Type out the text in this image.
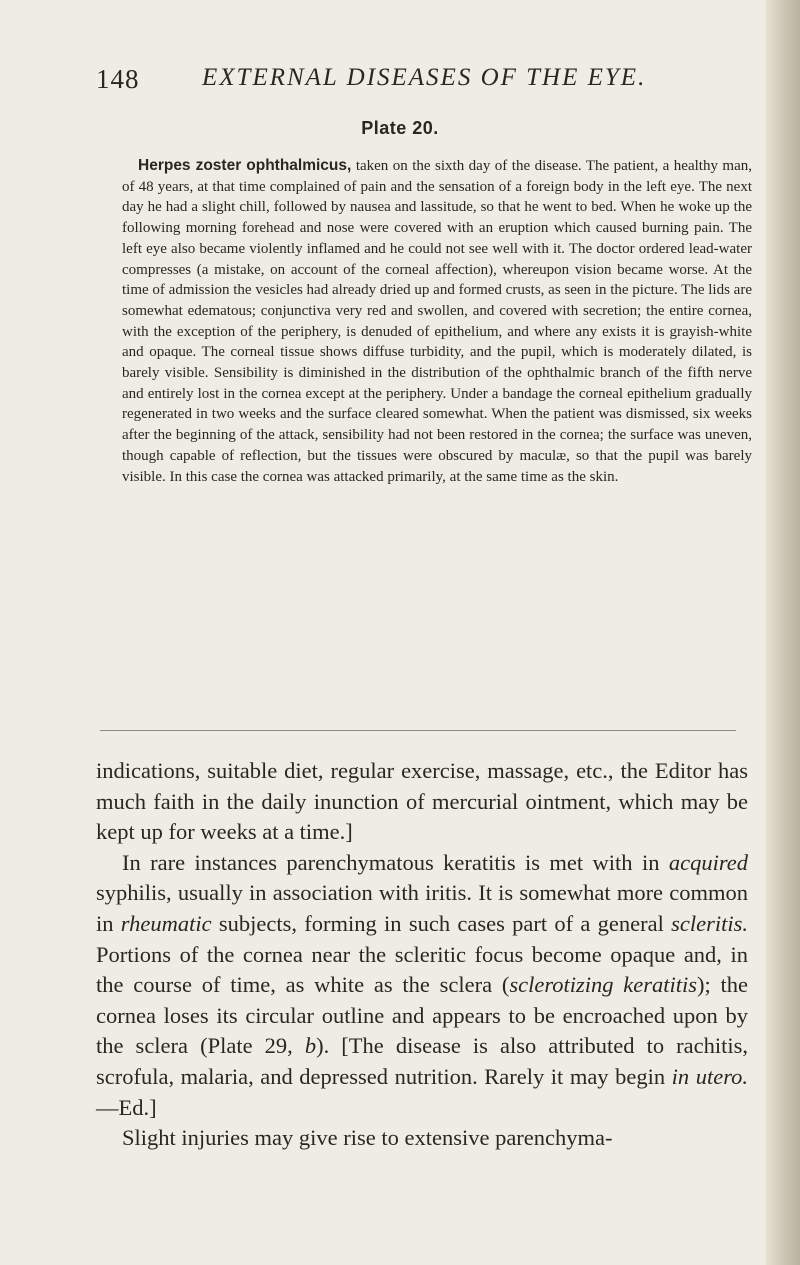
148	EXTERNAL DISEASES OF THE EYE.
Plate 20.

Herpes zoster ophthalmicus, taken on the sixth day of the disease. The patient, a healthy man, of 48 years, at that time complained of pain and the sensation of a foreign body in the left eye. The next day he had a slight chill, followed by nausea and lassitude, so that he went to bed. When he woke up the following morning forehead and nose were covered with an eruption which caused burning pain. The left eye also became violently inflamed and he could not see well with it. The doctor ordered lead-water compresses (a mistake, on account of the corneal affection), whereupon vision became worse. At the time of admission the vesicles had already dried up and formed crusts, as seen in the picture. The lids are somewhat edematous; conjunctiva very red and swollen, and covered with secretion; the entire cornea, with the exception of the periphery, is denuded of epithelium, and where any exists it is grayish-white and opaque. The corneal tissue shows diffuse turbidity, and the pupil, which is moderately dilated, is barely visible. Sensibility is diminished in the distribution of the ophthalmic branch of the fifth nerve and entirely lost in the cornea except at the periphery. Under a bandage the corneal epithelium gradually regenerated in two weeks and the surface cleared somewhat. When the patient was dismissed, six weeks after the beginning of the attack, sensibility had not been restored in the cornea; the surface was uneven, though capable of reflection, but the tissues were obscured by maculæ, so that the pupil was barely visible. In this case the cornea was attacked primarily, at the same time as the skin.

indications, suitable diet, regular exercise, massage, etc., the Editor has much faith in the daily inunction of mercurial ointment, which may be kept up for weeks at a time.]

In rare instances parenchymatous keratitis is met with in acquired syphilis, usually in association with iritis. It is somewhat more common in rheumatic subjects, forming in such cases part of a general scleritis. Portions of the cornea near the scleritic focus become opaque and, in the course of time, as white as the sclera (sclerotizing keratitis); the cornea loses its circular outline and appears to be encroached upon by the sclera (Plate 29, b). [The disease is also attributed to rachitis, scrofula, malaria, and depressed nutrition. Rarely it may begin in utero.—Ed.]

Slight injuries may give rise to extensive parenchyma-
